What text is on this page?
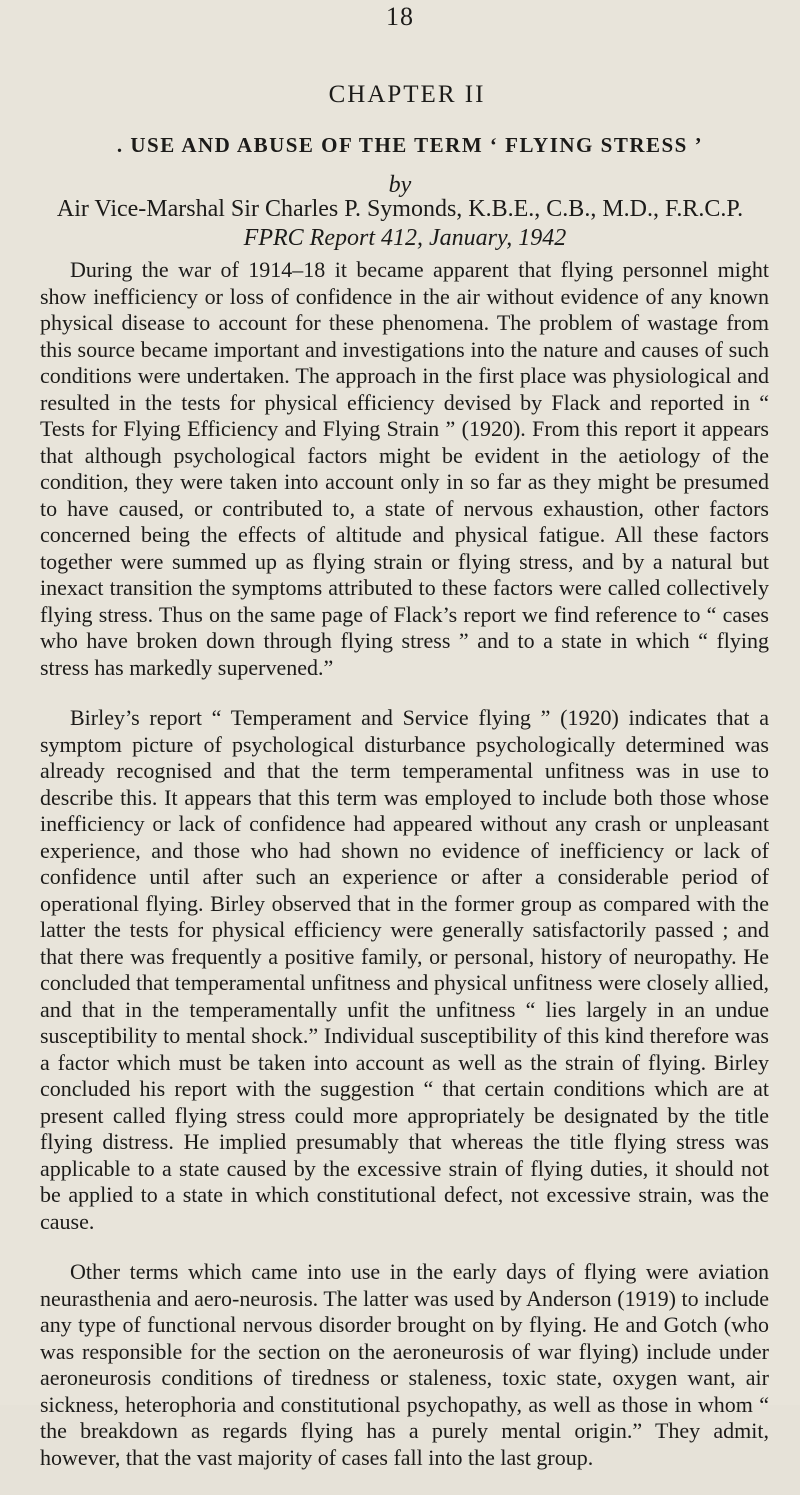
18
CHAPTER II
. USE AND ABUSE OF THE TERM ‘ FLYING STRESS ’
by
Air Vice-Marshal Sir Charles P. Symonds, K.B.E., C.B., M.D., F.R.C.P.
FPRC Report 412, January, 1942

During the war of 1914–18 it became apparent that flying personnel might show inefficiency or loss of confidence in the air without evidence of any known physical disease to account for these phenomena. The problem of wastage from this source became important and investigations into the nature and causes of such conditions were undertaken. The approach in the first place was physiological and resulted in the tests for physical efficiency devised by Flack and reported in “ Tests for Flying Efficiency and Flying Strain ” (1920). From this report it appears that although psychological factors might be evident in the aetiology of the condition, they were taken into account only in so far as they might be presumed to have caused, or contributed to, a state of nervous exhaustion, other factors concerned being the effects of altitude and physical fatigue. All these factors together were summed up as flying strain or flying stress, and by a natural but inexact transition the symptoms attributed to these factors were called collectively flying stress. Thus on the same page of Flack’s report we find reference to “ cases who have broken down through flying stress ” and to a state in which “ flying stress has markedly supervened.”

Birley’s report “ Temperament and Service flying ” (1920) indicates that a symptom picture of psychological disturbance psychologically determined was already recognised and that the term temperamental unfitness was in use to describe this. It appears that this term was employed to include both those whose inefficiency or lack of confidence had appeared without any crash or unpleasant experience, and those who had shown no evidence of inefficiency or lack of confidence until after such an experience or after a considerable period of operational flying. Birley observed that in the former group as compared with the latter the tests for physical efficiency were generally satisfactorily passed ; and that there was frequently a positive family, or personal, history of neuropathy. He concluded that temperamental unfitness and physical unfitness were closely allied, and that in the temperamentally unfit the unfitness “ lies largely in an undue susceptibility to mental shock.” Individual susceptibility of this kind therefore was a factor which must be taken into account as well as the strain of flying. Birley concluded his report with the suggestion “ that certain conditions which are at present called flying stress could more appropriately be designated by the title flying distress. He implied presumably that whereas the title flying stress was applicable to a state caused by the excessive strain of flying duties, it should not be applied to a state in which constitutional defect, not excessive strain, was the cause.

Other terms which came into use in the early days of flying were aviation neurasthenia and aero-neurosis. The latter was used by Anderson (1919) to include any type of functional nervous disorder brought on by flying. He and Gotch (who was responsible for the section on the aeroneurosis of war flying) include under aeroneurosis conditions of tiredness or staleness, toxic state, oxygen want, air sickness, heterophoria and constitutional psychopathy, as well as those in whom “ the breakdown as regards flying has a purely mental origin.” They admit, however, that the vast majority of cases fall into the last group.
